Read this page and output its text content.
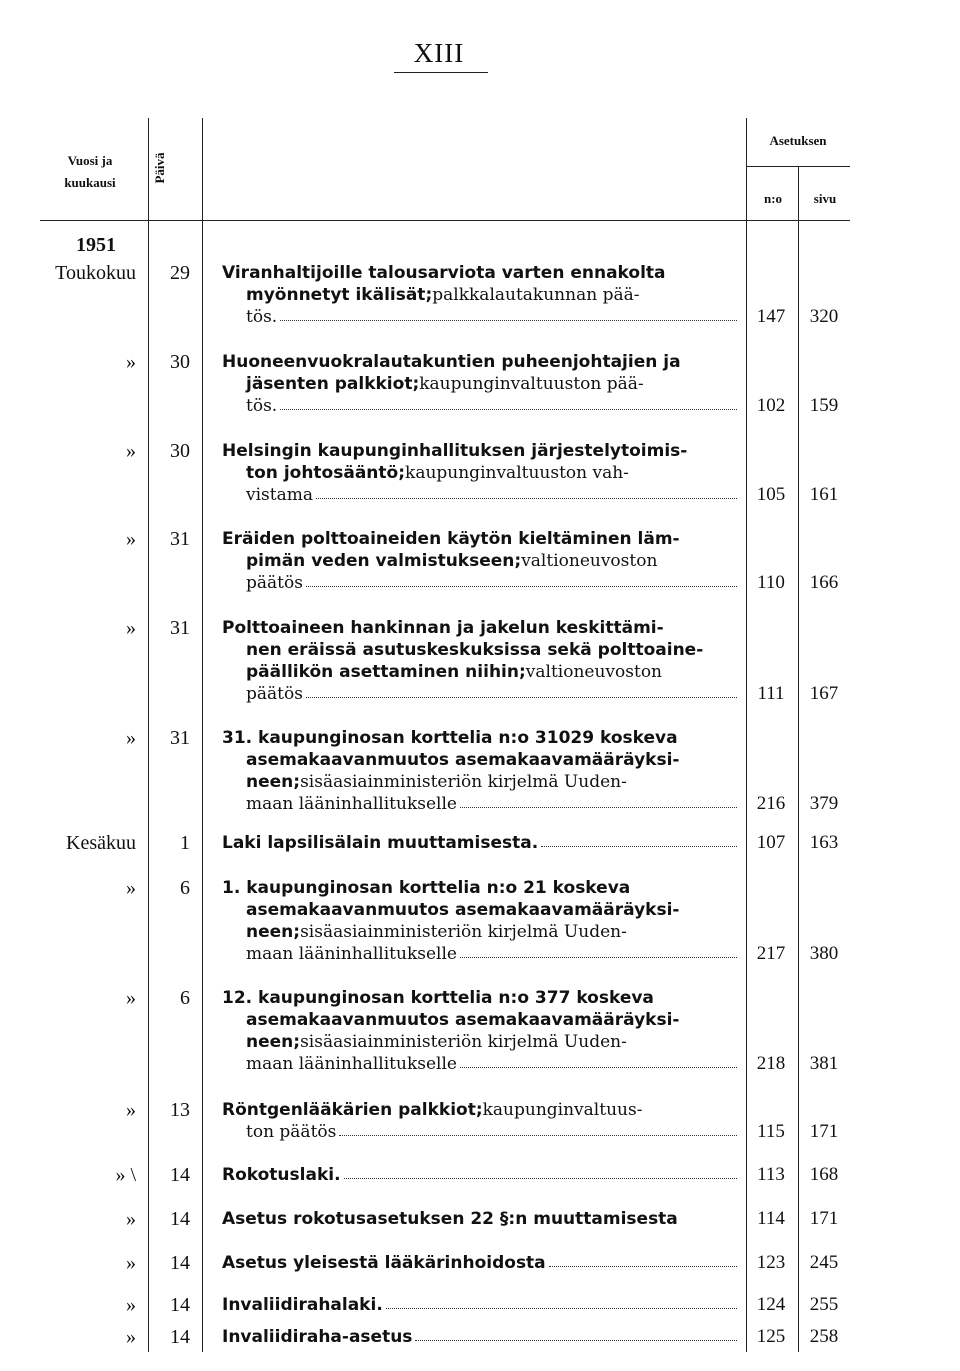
XIII
Vuosi ja
kuukausi	Päivä
Asetuksen
n:o	sivu
1951
Toukokuu	29 Viranhaltijoille talousarviota varten ennakolta
myönnetyt ikälisät; palkkalautakunnan pää-
tös.	147	320
»	30 Huoneenvuokralautakuntien puheenjohtajien ja
jäsenten palkkiot; kaupunginvaltuuston pää-
tös.	102	159
»	30 Helsingin kaupunginhallituksen järjestelytoimis-
ton johtosääntö; kaupunginvaltuuston vah-
vistama	105	161
»	31 Eräiden polttoaineiden käytön kieltäminen läm-
pimän veden valmistukseen; valtioneuvoston
päätös	110	166
»	31 Polttoaineen hankinnan ja jakelun keskittämi-
nen eräissä asutuskeskuksissa sekä polttoaine-
päällikön asettaminen niihin; valtioneuvoston
päätös	111	167
»	31 31. kaupunginosan korttelia n:o 31029 koskeva
asemakaavanmuutos asemakaavamääräyksi-
neen; sisäasiainministeriön kirjelmä Uuden-
maan lääninhallitukselle	216	379
Kesäkuu	1 Laki lapsilisälain muuttamisesta.	107	163
»	6 1. kaupunginosan korttelia n:o 21 koskeva
asemakaavanmuutos asemakaavamääräyksi-
neen; sisäasiainministeriön kirjelmä Uuden-
maan lääninhallitukselle	217	380
»	6 12. kaupunginosan korttelia n:o 377 koskeva
asemakaavanmuutos asemakaavamääräyksi-
neen; sisäasiainministeriön kirjelmä Uuden-
maan lääninhallitukselle	218	381
»	13 Röntgenlääkärien palkkiot; kaupunginvaltuus-
ton päätös	115	171
» \	14 Rokotuslaki.	113	168
»	14 Asetus rokotusasetuksen 22 §:n muuttamisesta	114	171
»	14 Asetus yleisestä lääkärinhoidosta	123	245
»	14 Invaliidirahalaki.	124	255
»	14 Invaliidiraha-asetus	125	258
